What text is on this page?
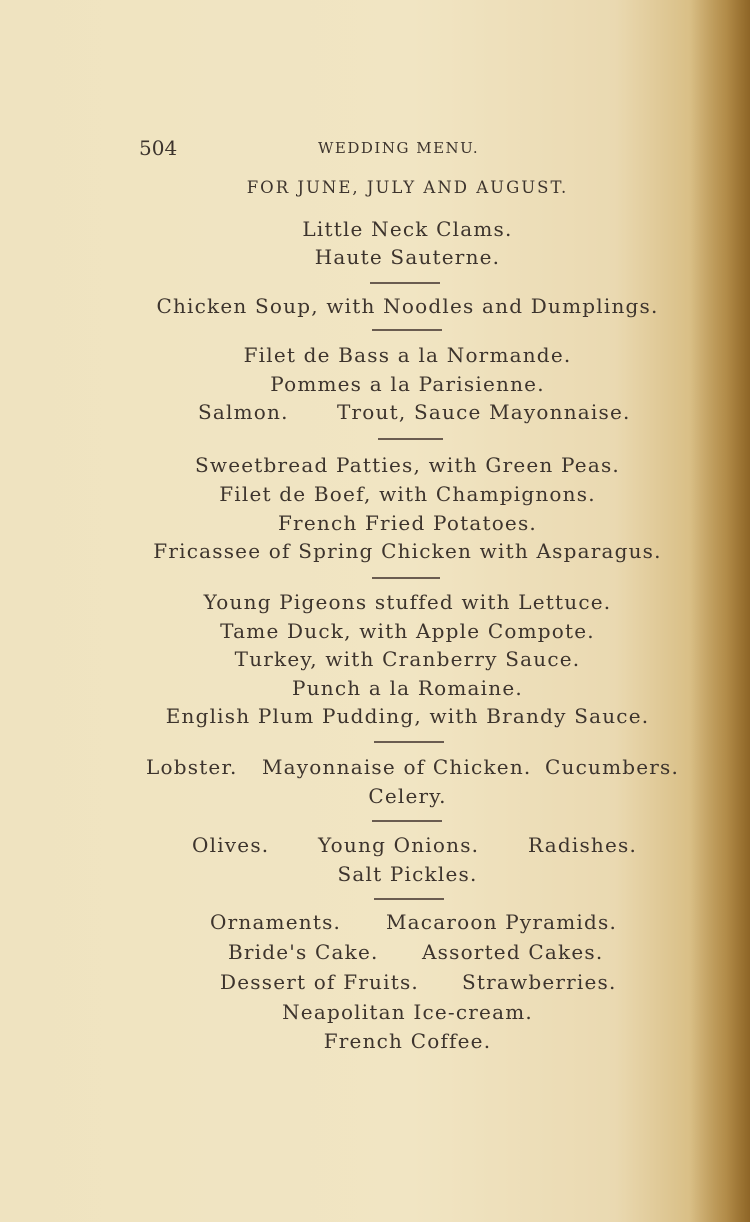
504	WEDDING MENU.
FOR JUNE, JULY AND AUGUST.
Little Neck Clams.
Haute Sauterne.
Chicken Soup, with Noodles and Dumplings.
Filet de Bass a la Normande.
Pommes a la Parisienne.
Salmon. Trout, Sauce Mayonnaise.
Sweetbread Patties, with Green Peas.
Filet de Boef, with Champignons.
French Fried Potatoes.
Fricassee of Spring Chicken with Asparagus.
Young Pigeons stuffed with Lettuce.
Tame Duck, with Apple Compote.
Turkey, with Cranberry Sauce.
Punch a la Romaine.
English Plum Pudding, with Brandy Sauce.
Lobster. Mayonnaise of Chicken. Cucumbers.
Celery.
Olives. Young Onions. Radishes.
Salt Pickles.
Ornaments. Macaroon Pyramids.
Bride's Cake. Assorted Cakes.
Dessert of Fruits. Strawberries.
Neapolitan Ice-cream.
French Coffee.
